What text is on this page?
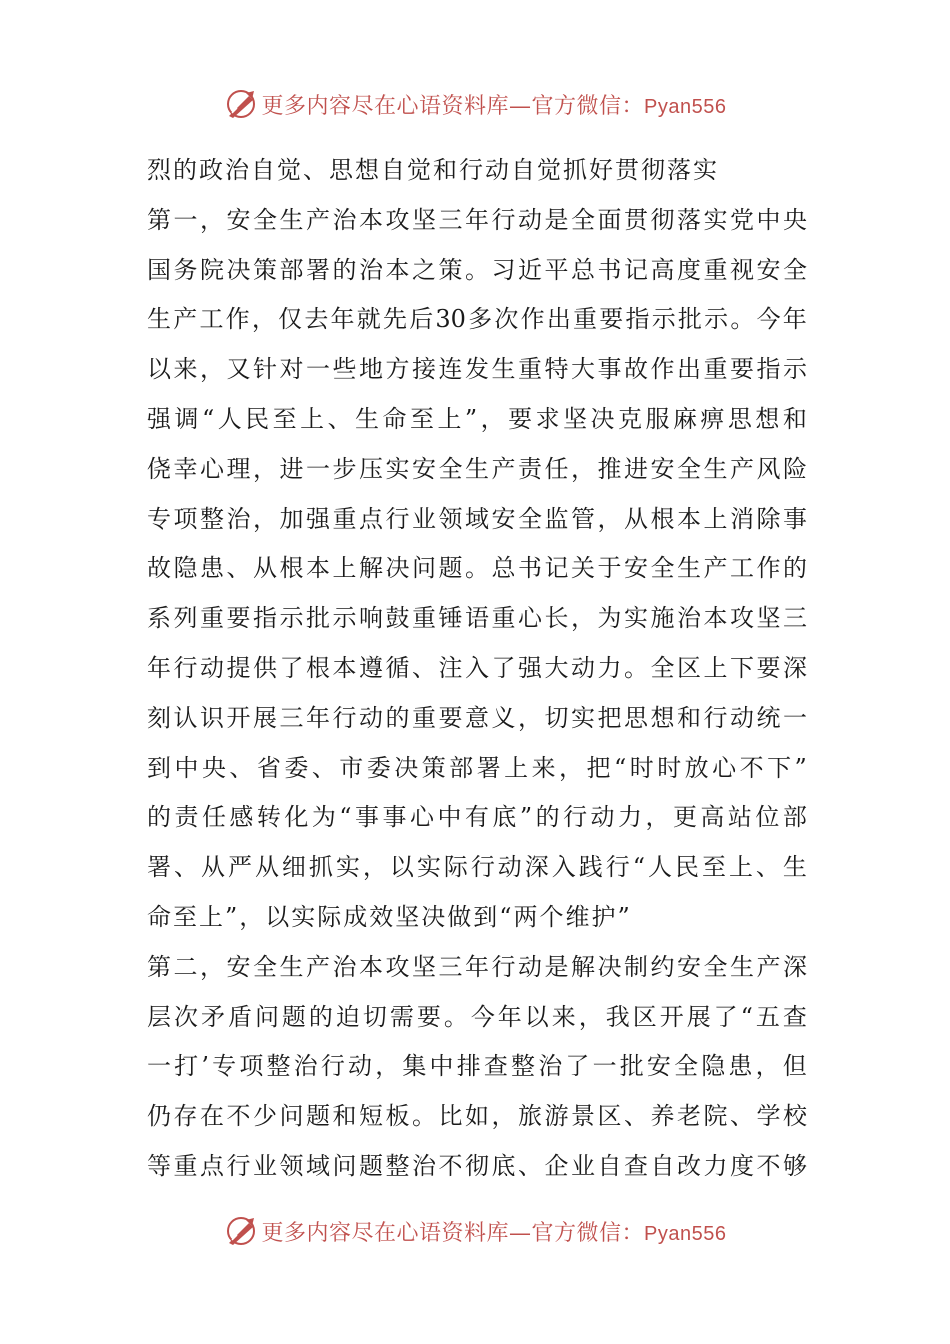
更多内容尽在心语资料库—官方微信：Pyan556
烈的政治自觉、思想自觉和行动自觉抓好贯彻落实
第 一 ， 安 全 生 产 治 本 攻 坚 三 年 行 动 是 全 面 贯 彻 落 实 党 中 央
国 务 院 决 策 部 署 的 治 本 之 策 。 习 近 平 总 书 记 高 度 重 视 安 全
生 产 工 作 ， 仅 去 年 就 先 后 30 多 次 作 出 重 要 指 示 批 示 。 今 年
以 来 ， 又 针 对 一 些 地 方 接 连 发 生 重 特 大 事 故 作 出 重 要 指 示
强 调 “ 人 民 至 上 、 生 命 至 上 ” ， 要 求 坚 决 克 服 麻 痹 思 想 和
侥 幸 心 理 ， 进 一 步 压 实 安 全 生 产 责 任 ， 推 进 安 全 生 产 风 险
专 项 整 治 ， 加 强 重 点 行 业 领 域 安 全 监 管 ， 从 根 本 上 消 除 事
故 隐 患 、 从 根 本 上 解 决 问 题 。 总 书 记 关 于 安 全 生 产 工 作 的
系 列 重 要 指 示 批 示 响 鼓 重 锤 语 重 心 长 ， 为 实 施 治 本 攻 坚 三
年 行 动 提 供 了 根 本 遵 循 、 注 入 了 强 大 动 力 。 全 区 上 下 要 深
刻 认 识 开 展 三 年 行 动 的 重 要 意 义 ， 切 实 把 思 想 和 行 动 统 一
到 中 央 、 省 委 、 市 委 决 策 部 署 上 来 ， 把 “ 时 时 放 心 不 下 ”
的 责 任 感 转 化 为 “ 事 事 心 中 有 底 ” 的 行 动 力 ， 更 高 站 位 部
署 、 从 严 从 细 抓 实 ， 以 实 际 行 动 深 入 践 行 “ 人 民 至 上 、 生
命至上”，以实际成效坚决做到“两个维护”
第 二 ， 安 全 生 产 治 本 攻 坚 三 年 行 动 是 解 决 制 约 安 全 生 产 深
层 次 矛 盾 问 题 的 迫 切 需 要 。 今 年 以 来 ， 我 区 开 展 了 “ 五 查
一 打 ’ 专 项 整 治 行 动 ， 集 中 排 查 整 治 了 一 批 安 全 隐 患 ， 但
仍 存 在 不 少 问 题 和 短 板 。 比 如 ， 旅 游 景 区 、 养 老 院 、 学 校
等 重 点 行 业 领 域 问 题 整 治 不 彻 底 、 企 业 自 查 自 改 力 度 不 够
更多内容尽在心语资料库—官方微信：Pyan556
